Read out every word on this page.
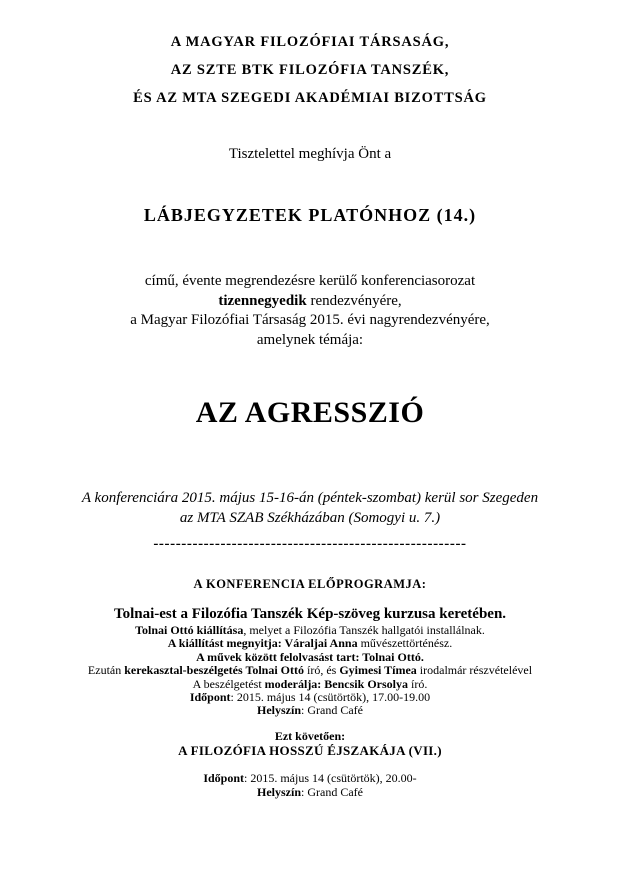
A MAGYAR FILOZÓFIAI TÁRSASÁG,
AZ SZTE BTK FILOZÓFIA TANSZÉK,
ÉS AZ MTA SZEGEDI AKADÉMIAI BIZOTTSÁG

Tisztelettel meghívja Önt a

LÁBJEGYZETEK PLATÓNHOZ (14.)
című, évente megrendezésre kerülő konferenciasorozat
tizennegyedik rendezvényére,
a Magyar Filozófiai Társaság 2015. évi nagyrendezvényére,
amelynek témája:
AZ AGRESSZIÓ
A konferenciára 2015. május 15-16-án (péntek-szombat) kerül sor Szegeden
az MTA SZAB Székházában (Somogyi u. 7.)
--------------------------------------------------------
A KONFERENCIA ELŐPROGRAMJA:
Tolnai-est a Filozófia Tanszék Kép-szöveg kurzusa keretében.
Tolnai Ottó kiállítása, melyet a Filozófia Tanszék hallgatói installálnak.
A kiállítást megnyitja: Váraljai Anna művészettörténész.
A művek között felolvasást tart: Tolnai Ottó.
Ezután kerekasztal-beszélgetés Tolnai Ottó író, és Gyimesi Tímea irodalmár részvételével
A beszélgetést moderálja: Bencsik Orsolya író.
Időpont: 2015. május 14 (csütörtök), 17.00-19.00
Helyszín: Grand Café
Ezt követően:
A FILOZÓFIA HOSSZÚ ÉJSZAKÁJA (VII.)
Időpont: 2015. május 14 (csütörtök), 20.00-
Helyszín: Grand Café
